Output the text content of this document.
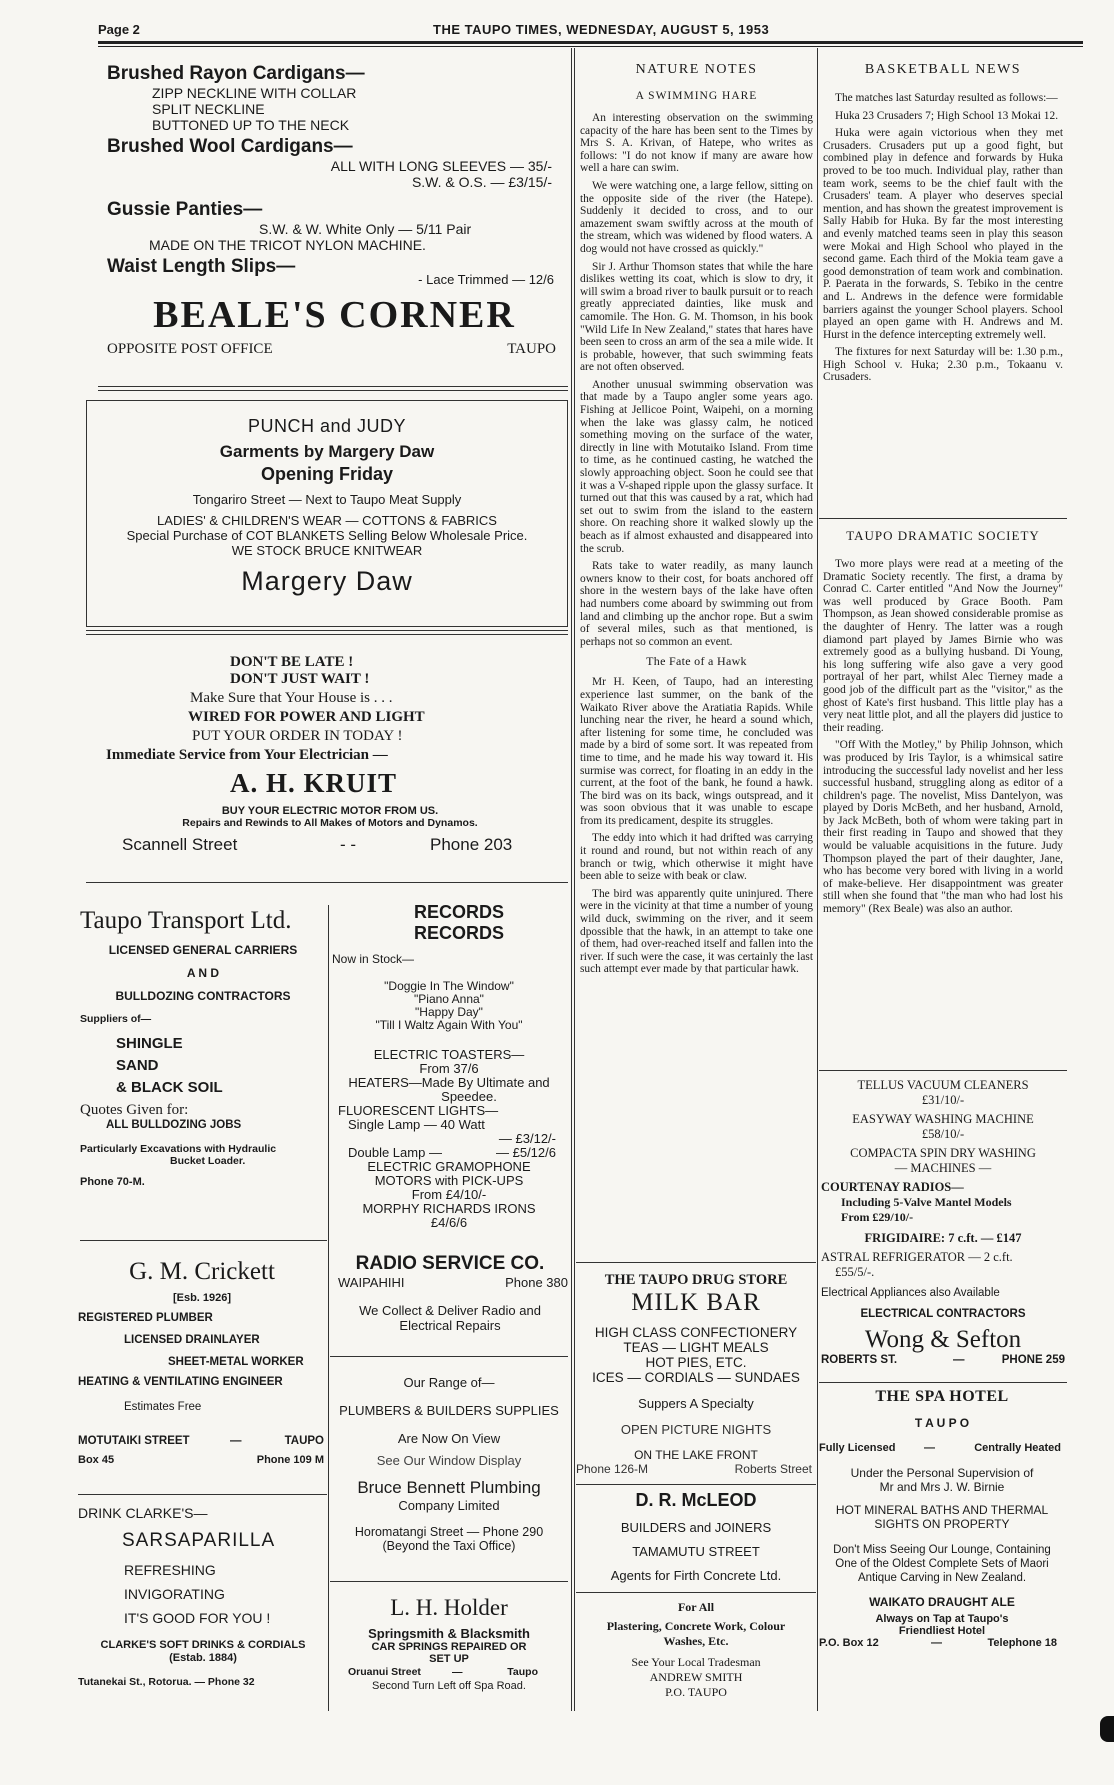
Page 2	THE TAUPO TIMES, WEDNESDAY, AUGUST 5, 1953
Brushed Rayon Cardigans—
ZIPP NECKLINE WITH COLLAR
SPLIT NECKLINE
BUTTONED UP TO THE NECK
Brushed Wool Cardigans—
ALL WITH LONG SLEEVES — 35/-
S.W. & O.S. — £3/15/-
Gussie Panties—
S.W. & W. White Only — 5/11 Pair
MADE ON THE TRICOT NYLON MACHINE.
Waist Length Slips—
- Lace Trimmed — 12/6
BEALE'S CORNER
OPPOSITE POST OFFICE	TAUPO
PUNCH and JUDY
Garments by Margery Daw
Opening Friday
Tongariro Street — Next to Taupo Meat Supply
LADIES' & CHILDREN'S WEAR — COTTONS & FABRICS
Special Purchase of COT BLANKETS Selling Below Wholesale Price.
WE STOCK BRUCE KNITWEAR
Margery Daw
DON'T BE LATE !
DON'T JUST WAIT !
Make Sure that Your House is . . .
WIRED FOR POWER AND LIGHT
PUT YOUR ORDER IN TODAY !
Immediate Service from Your Electrician —
A. H. KRUIT
BUY YOUR ELECTRIC MOTOR FROM US.
Repairs and Rewinds to All Makes of Motors and Dynamos.
Scannell Street	- -	Phone 203
Taupo Transport Ltd.
LICENSED GENERAL CARRIERS
A N D
BULLDOZING CONTRACTORS
Suppliers of—
SHINGLE
SAND
& BLACK SOIL
Quotes Given for:
ALL BULLDOZING JOBS
Particularly Excavations with Hydraulic
Bucket Loader.
Phone 70-M.
G. M. Crickett
[Esb. 1926]
REGISTERED PLUMBER
LICENSED DRAINLAYER
SHEET-METAL WORKER
HEATING & VENTILATING ENGINEER
Estimates Free
MOTUTAIKI STREET	—	TAUPO
Box 45	Phone 109 M
DRINK CLARKE'S—
SARSAPARILLA
REFRESHING
INVIGORATING
IT'S GOOD FOR YOU !
CLARKE'S SOFT DRINKS & CORDIALS
(Estab. 1884)
Tutanekai St., Rotorua. — Phone 32
RECORDS
RECORDS
Now in Stock—
"Doggie In The Window"
"Piano Anna"
"Happy Day"
"Till I Waltz Again With You"
ELECTRIC TOASTERS—
From 37/6
HEATERS—Made By Ultimate and
Speedee.
FLUORESCENT LIGHTS—
Single Lamp — 40 Watt
— £3/12/-
Double Lamp —	— £5/12/6
ELECTRIC GRAMOPHONE
MOTORS with PICK-UPS
From £4/10/-
MORPHY RICHARDS IRONS
£4/6/6
RADIO SERVICE CO.
WAIPAHIHI	Phone 380
We Collect & Deliver Radio and
Electrical Repairs
Our Range of—
PLUMBERS & BUILDERS SUPPLIES
Are Now On View
See Our Window Display
Bruce Bennett Plumbing
Company Limited
Horomatangi Street — Phone 290
(Beyond the Taxi Office)
L. H. Holder
Springsmith & Blacksmith
CAR SPRINGS REPAIRED OR
SET UP
Oruanui Street	—	Taupo
Second Turn Left off Spa Road.
NATURE NOTES
A SWIMMING HARE

An interesting observation on the swimming capacity of the hare has been sent to the Times by Mrs S. A. Krivan, of Hatepe, who writes as follows: "I do not know if many are aware how well a hare can swim.

We were watching one, a large fellow, sitting on the opposite side of the river (the Hatepe). Suddenly it decided to cross, and to our amazement swam swiftly across at the mouth of the stream, which was widened by flood waters. A dog would not have crossed as quickly."

Sir J. Arthur Thomson states that while the hare dislikes wetting its coat, which is slow to dry, it will swim a broad river to baulk pursuit or to reach greatly appreciated dainties, like musk and camomile. The Hon. G. M. Thomson, in his book "Wild Life In New Zealand," states that hares have been seen to cross an arm of the sea a mile wide. It is probable, however, that such swimming feats are not often observed.

Another unusual swimming observation was that made by a Taupo angler some years ago. Fishing at Jellicoe Point, Waipehi, on a morning when the lake was glassy calm, he noticed something moving on the surface of the water, directly in line with Motutaiko Island. From time to time, as he continued casting, he watched the slowly approaching object. Soon he could see that it was a V-shaped ripple upon the glassy surface. It turned out that this was caused by a rat, which had set out to swim from the island to the eastern shore. On reaching shore it walked slowly up the beach as if almost exhausted and disappeared into the scrub.

Rats take to water readily, as many launch owners know to their cost, for boats anchored off shore in the western bays of the lake have often had numbers come aboard by swimming out from land and climbing up the anchor rope. But a swim of several miles, such as that mentioned, is perhaps not so common an event.

The Fate of a Hawk

Mr H. Keen, of Taupo, had an interesting experience last summer, on the bank of the Waikato River above the Aratiatia Rapids. While lunching near the river, he heard a sound which, after listening for some time, he concluded was made by a bird of some sort. It was repeated from time to time, and he made his way toward it. His surmise was correct, for floating in an eddy in the current, at the foot of the bank, he found a hawk. The bird was on its back, wings outspread, and it was soon obvious that it was unable to escape from its predicament, despite its struggles.

The eddy into which it had drifted was carrying it round and round, but not within reach of any branch or twig, which otherwise it might have been able to seize with beak or claw.

The bird was apparently quite uninjured. There were in the vicinity at that time a number of young wild duck, swimming on the river, and it seem dpossible that the hawk, in an attempt to take one of them, had over-reached itself and fallen into the river. If such were the case, it was certainly the last such attempt ever made by that particular hawk.

THE TAUPO DRUG STORE
MILK BAR
HIGH CLASS CONFECTIONERY
TEAS — LIGHT MEALS
HOT PIES, ETC.
ICES — CORDIALS — SUNDAES
Suppers A Specialty
OPEN PICTURE NIGHTS
ON THE LAKE FRONT
Phone 126-M	Roberts Street
D. R. McLEOD
BUILDERS and JOINERS
TAMAMUTU STREET
Agents for Firth Concrete Ltd.
For All
Plastering, Concrete Work, Colour
Washes, Etc.
See Your Local Tradesman
ANDREW SMITH
P.O. TAUPO
BASKETBALL NEWS

The matches last Saturday resulted as follows:—

Huka 23 Crusaders 7; High School 13 Mokai 12.

Huka were again victorious when they met Crusaders. Crusaders put up a good fight, but combined play in defence and forwards by Huka proved to be too much. Individual play, rather than team work, seems to be the chief fault with the Crusaders' team. A player who deserves special mention, and has shown the greatest improvement is Sally Habib for Huka. By far the most interesting and evenly matched teams seen in play this season were Mokai and High School who played in the second game. Each third of the Mokia team gave a good demonstration of team work and combination. P. Paerata in the forwards, S. Tebiko in the centre and L. Andrews in the defence were formidable barriers against the younger School players. School played an open game with H. Andrews and M. Hurst in the defence intercepting extremely well.

The fixtures for next Saturday will be: 1.30 p.m., High School v. Huka; 2.30 p.m., Tokaanu v. Crusaders.

TAUPO DRAMATIC SOCIETY

Two more plays were read at a meeting of the Dramatic Society recently. The first, a drama by Conrad C. Carter entitled "And Now the Journey" was well produced by Grace Booth. Pam Thompson, as Jean showed considerable promise as the daughter of Henry. The latter was a rough diamond part played by James Birnie who was extremely good as a bullying husband. Di Young, his long suffering wife also gave a very good portrayal of her part, whilst Alec Tierney made a good job of the difficult part as the "visitor," as the ghost of Kate's first husband. This little play has a very neat little plot, and all the players did justice to their reading.

"Off With the Motley," by Philip Johnson, which was produced by Iris Taylor, is a whimsical satire introducing the successful lady novelist and her less successful husband, struggling along as editor of a children's page. The novelist, Miss Dantelyon, was played by Doris McBeth, and her husband, Arnold, by Jack McBeth, both of whom were taking part in their first reading in Taupo and showed that they would be valuable acquisitions in the future. Judy Thompson played the part of their daughter, Jane, who has become very bored with living in a world of make-believe. Her disappointment was greater still when she found that "the man who had lost his memory" (Rex Beale) was also an author.

TELLUS VACUUM CLEANERS
£31/10/-
EASYWAY WASHING MACHINE
£58/10/-
COMPACTA SPIN DRY WASHING
— MACHINES —
COURTENAY RADIOS—
Including 5-Valve Mantel Models
From £29/10/-
FRIGIDAIRE: 7 c.ft. — £147
ASTRAL REFRIGERATOR — 2 c.ft.
£55/5/-.
Electrical Appliances also Available
ELECTRICAL CONTRACTORS
Wong & Sefton
ROBERTS ST.	—	PHONE 259
THE SPA HOTEL
T A U P O
Fully Licensed	—	Centrally Heated
Under the Personal Supervision of
Mr and Mrs J. W. Birnie
HOT MINERAL BATHS AND THERMAL
SIGHTS ON PROPERTY
Don't Miss Seeing Our Lounge, Containing One of the Oldest Complete Sets of Maori Antique Carving in New Zealand.
WAIKATO DRAUGHT ALE
Always on Tap at Taupo's
Friendliest Hotel
P.O. Box 12	—	Telephone 18
